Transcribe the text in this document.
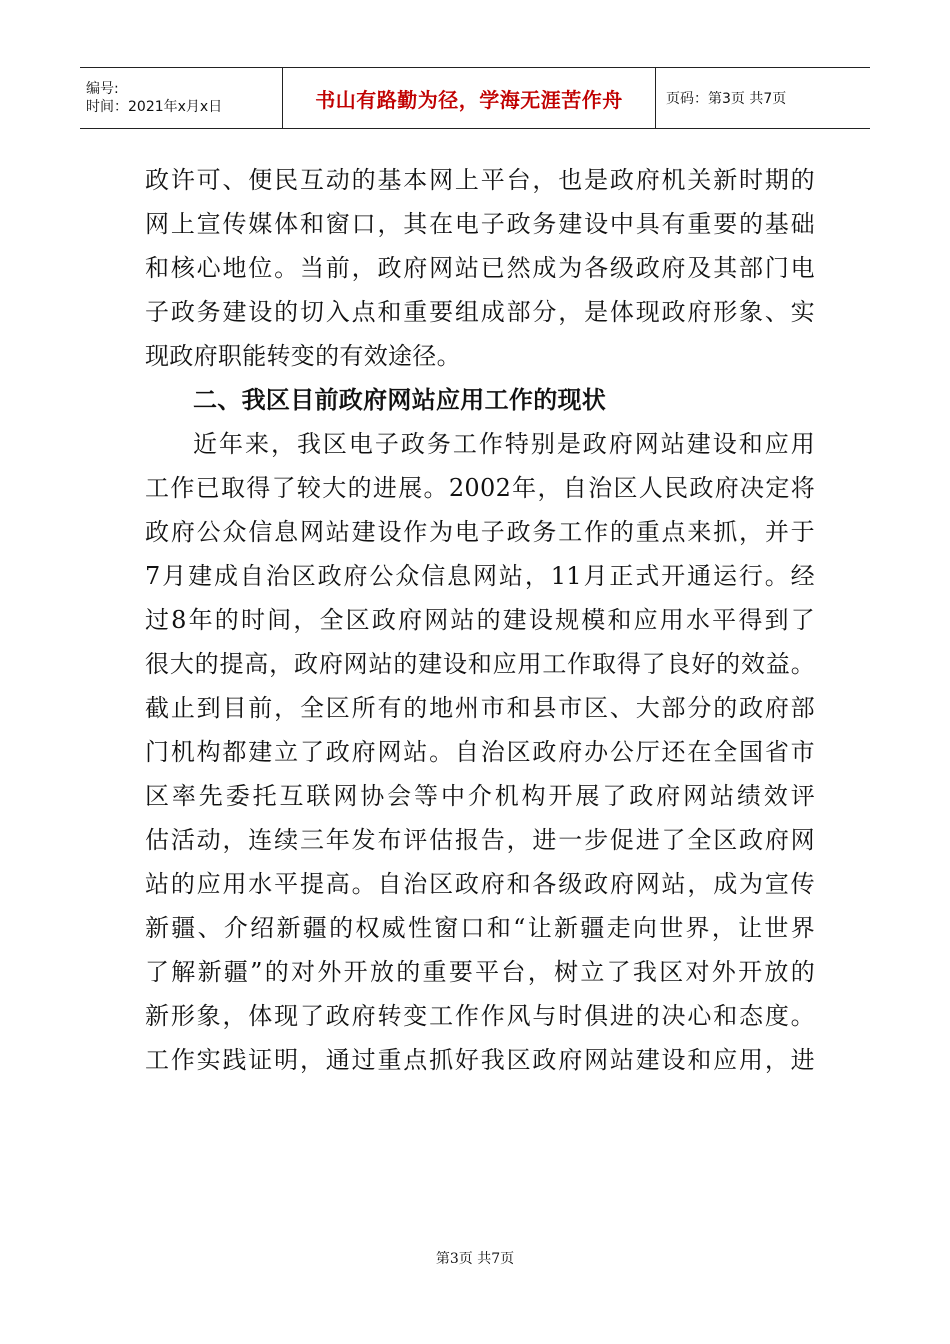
编号:
时间：2021年x月x日	书山有路勤为径，学海无涯苦作舟	页码：第3页 共7页
政许可、便民互动的基本网上平台，也是政府机关新时期的
网上宣传媒体和窗口，其在电子政务建设中具有重要的基础
和核心地位。当前，政府网站已然成为各级政府及其部门电
子政务建设的切入点和重要组成部分，是体现政府形象、实
现政府职能转变的有效途径。
二、我区目前政府网站应用工作的现状
近年来，我区电子政务工作特别是政府网站建设和应用
工作已取得了较大的进展。2002年，自治区人民政府决定将
政府公众信息网站建设作为电子政务工作的重点来抓，并于
7月建成自治区政府公众信息网站，11月正式开通运行。经
过8年的时间，全区政府网站的建设规模和应用水平得到了
很大的提高，政府网站的建设和应用工作取得了良好的效益。
截止到目前，全区所有的地州市和县市区、大部分的政府部
门机构都建立了政府网站。自治区政府办公厅还在全国省市
区率先委托互联网协会等中介机构开展了政府网站绩效评
估活动，连续三年发布评估报告，进一步促进了全区政府网
站的应用水平提高。自治区政府和各级政府网站，成为宣传
新疆、介绍新疆的权威性窗口和“让新疆走向世界，让世界
了解新疆”的对外开放的重要平台，树立了我区对外开放的
新形象，体现了政府转变工作作风与时俱进的决心和态度。
工作实践证明，通过重点抓好我区政府网站建设和应用，进
第3页 共7页
